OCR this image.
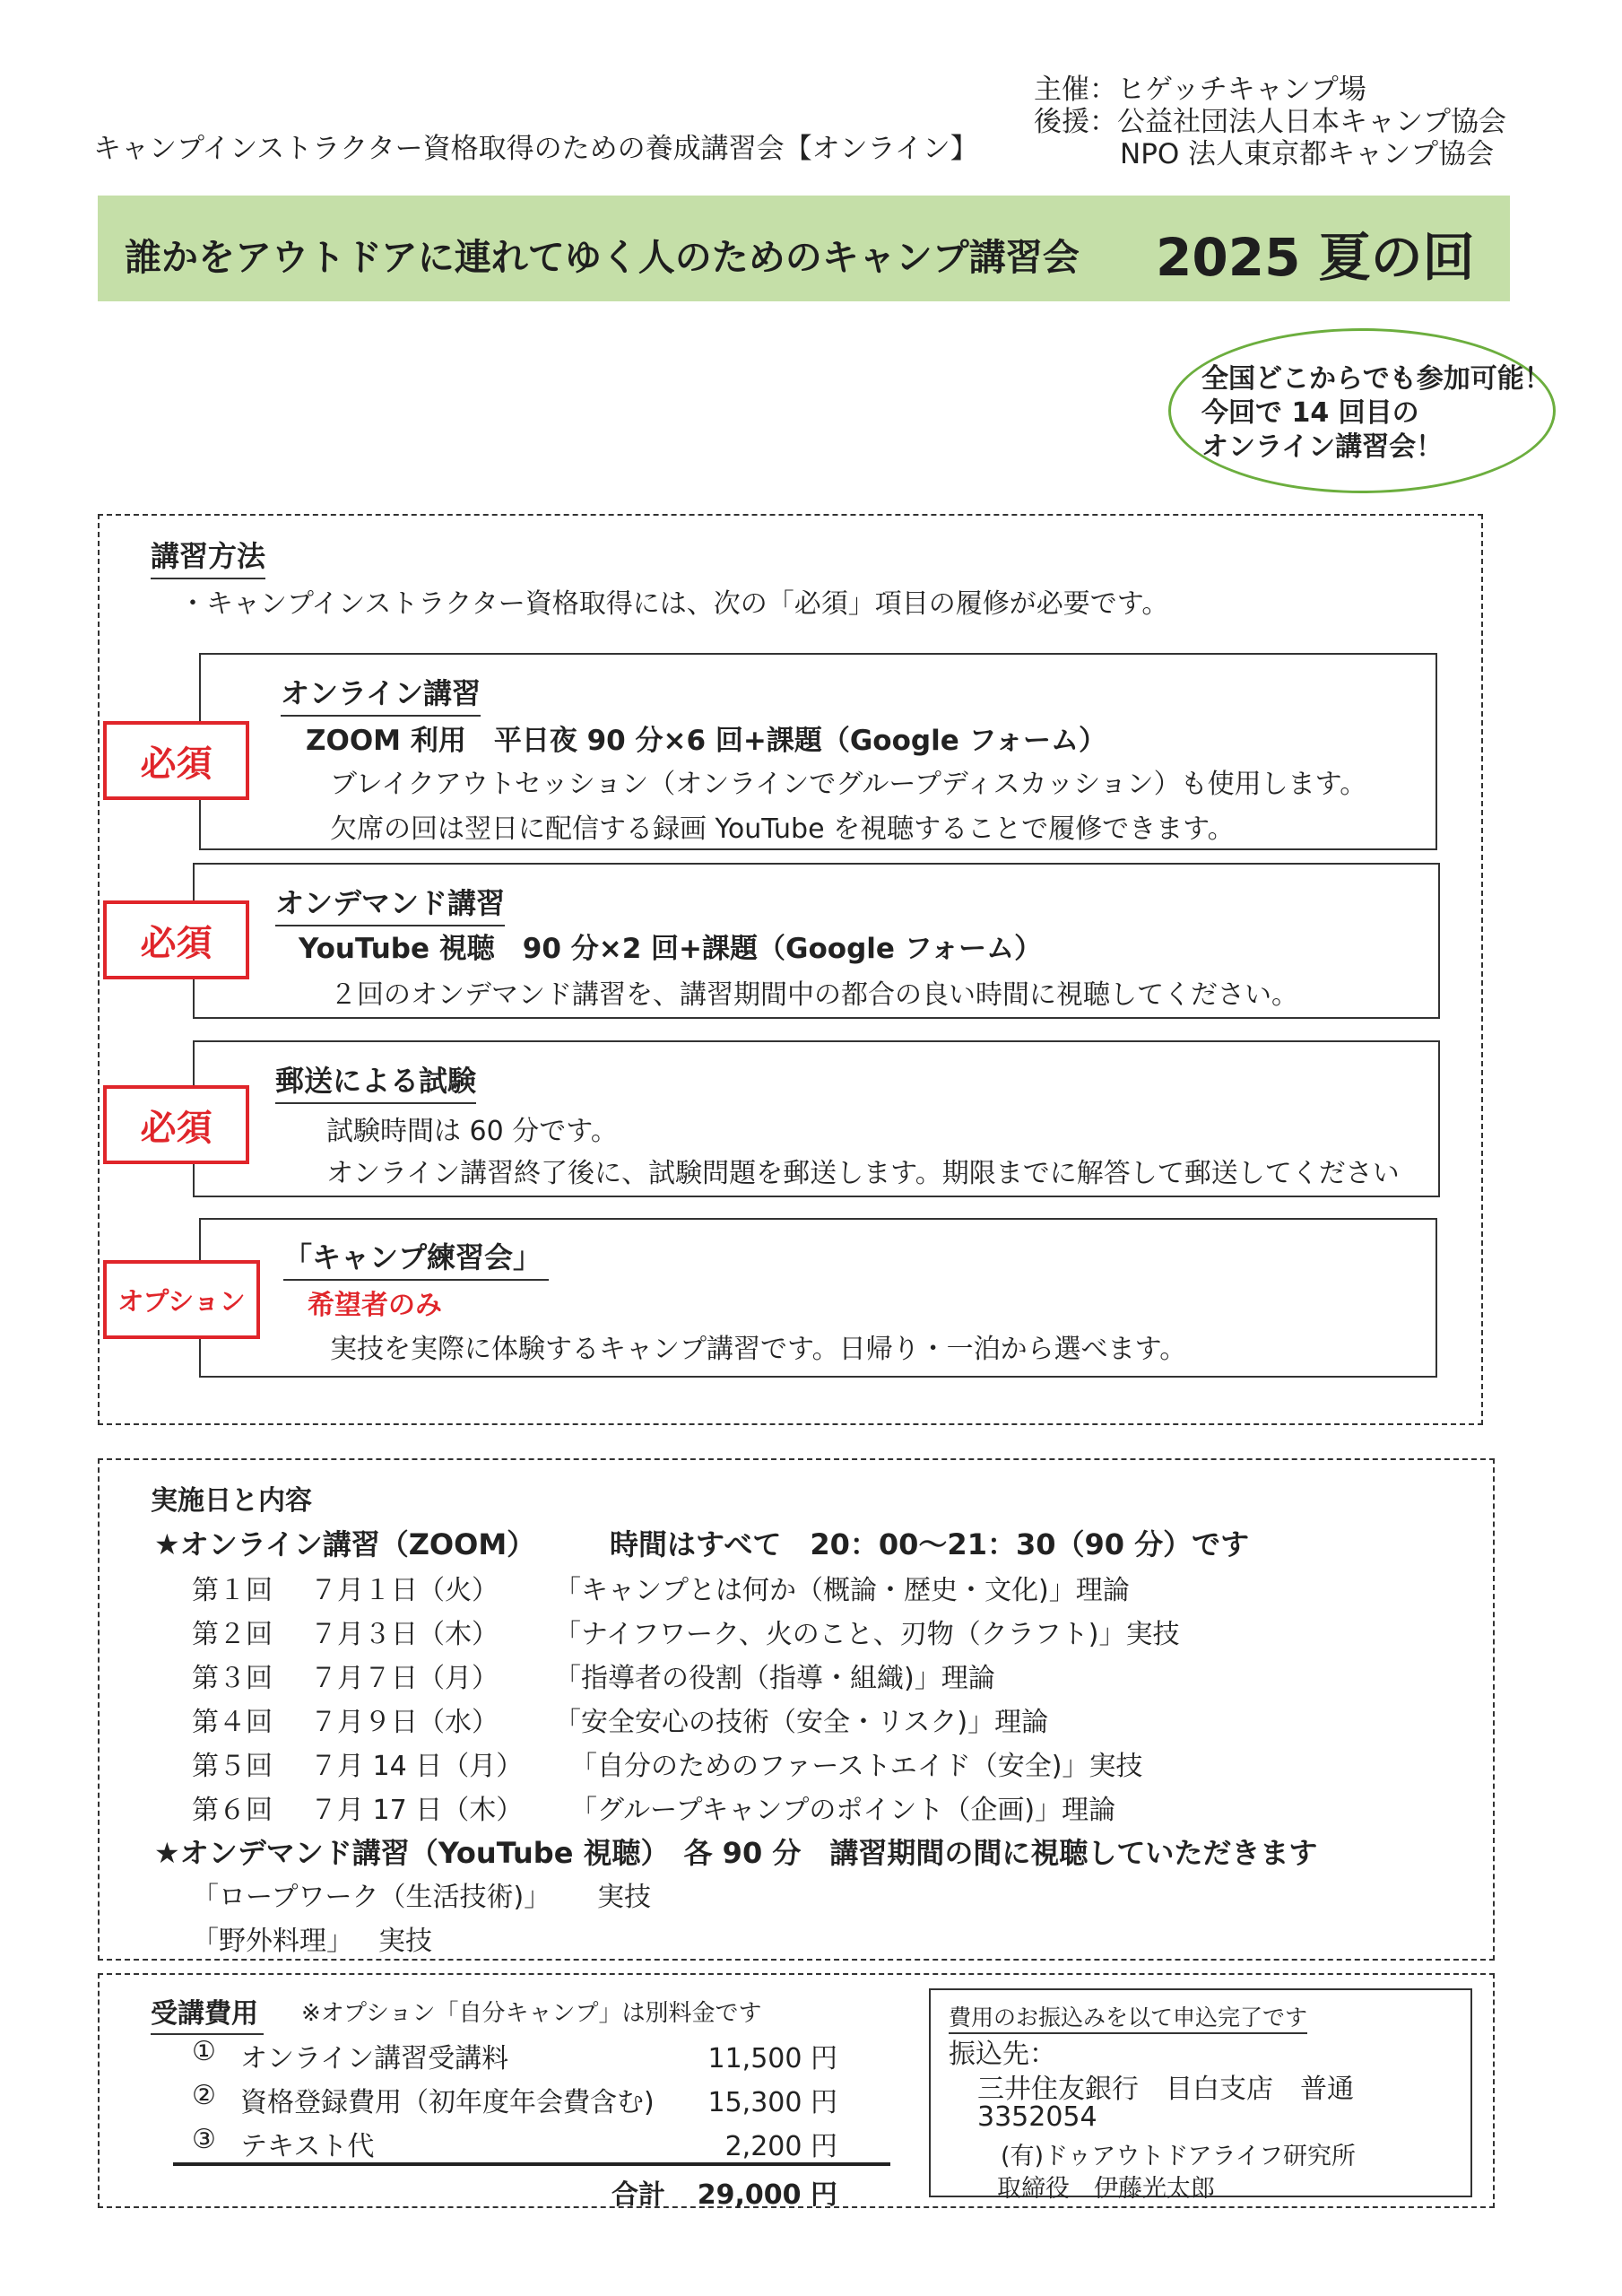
キャンプインストラクター資格取得のための養成講習会【オンライン】
主催：ヒゲッチキャンプ場
後援：公益社団法人日本キャンプ協会
NPO 法人東京都キャンプ協会
誰かをアウトドアに連れてゆく人のためのキャンプ講習会 2025 夏の回
全国どこからでも参加可能！
今回で 14 回目の
オンライン講習会！
講習方法
・キャンプインストラクター資格取得には、次の「必須」項目の履修が必要です。
必須
オンライン講習
ZOOM 利用　平日夜 90 分×6 回+課題（Google フォーム）
ブレイクアウトセッション（オンラインでグループディスカッション）も使用します。
欠席の回は翌日に配信する録画 YouTube を視聴することで履修できます。
必須
オンデマンド講習
YouTube 視聴　90 分×2 回+課題（Google フォーム）
２回のオンデマンド講習を、講習期間中の都合の良い時間に視聴してください。
必須
郵送による試験
試験時間は 60 分です。
オンライン講習終了後に、試験問題を郵送します。期限までに解答して郵送してください
オプション
「キャンプ練習会」
希望者のみ
実技を実際に体験するキャンプ講習です。日帰り・一泊から選べます。
実施日と内容
★オンライン講習（ZOOM）	時間はすべて　20：00～21：30（90 分）です
第１回 ７月１日（火） 「キャンプとは何か（概論・歴史・文化)」理論
第２回 ７月３日（木） 「ナイフワーク、火のこと、刃物（クラフト)」実技
第３回 ７月７日（月） 「指導者の役割（指導・組織)」理論
第４回 ７月９日（水） 「安全安心の技術（安全・リスク)」理論
第５回 ７月 14 日（月） 「自分のためのファーストエイド（安全)」実技
第６回 ７月 17 日（木） 「グループキャンプのポイント（企画)」理論
★オンデマンド講習（YouTube 視聴）　各 90 分　講習期間の間に視聴していただきます
「ロープワーク（生活技術)」 実技
「野外料理」 実技
受講費用 ※オプション「自分キャンプ」は別料金です
① オンライン講習受講料	11,500 円
② 資格登録費用（初年度年会費含む)	15,300 円
③ テキスト代	2,200 円
合計 29,000 円
費用のお振込みを以て申込完了です
振込先：
三井住友銀行　目白支店　普通
3352054
(有)ドゥアウトドアライフ研究所
取締役　伊藤光太郎
